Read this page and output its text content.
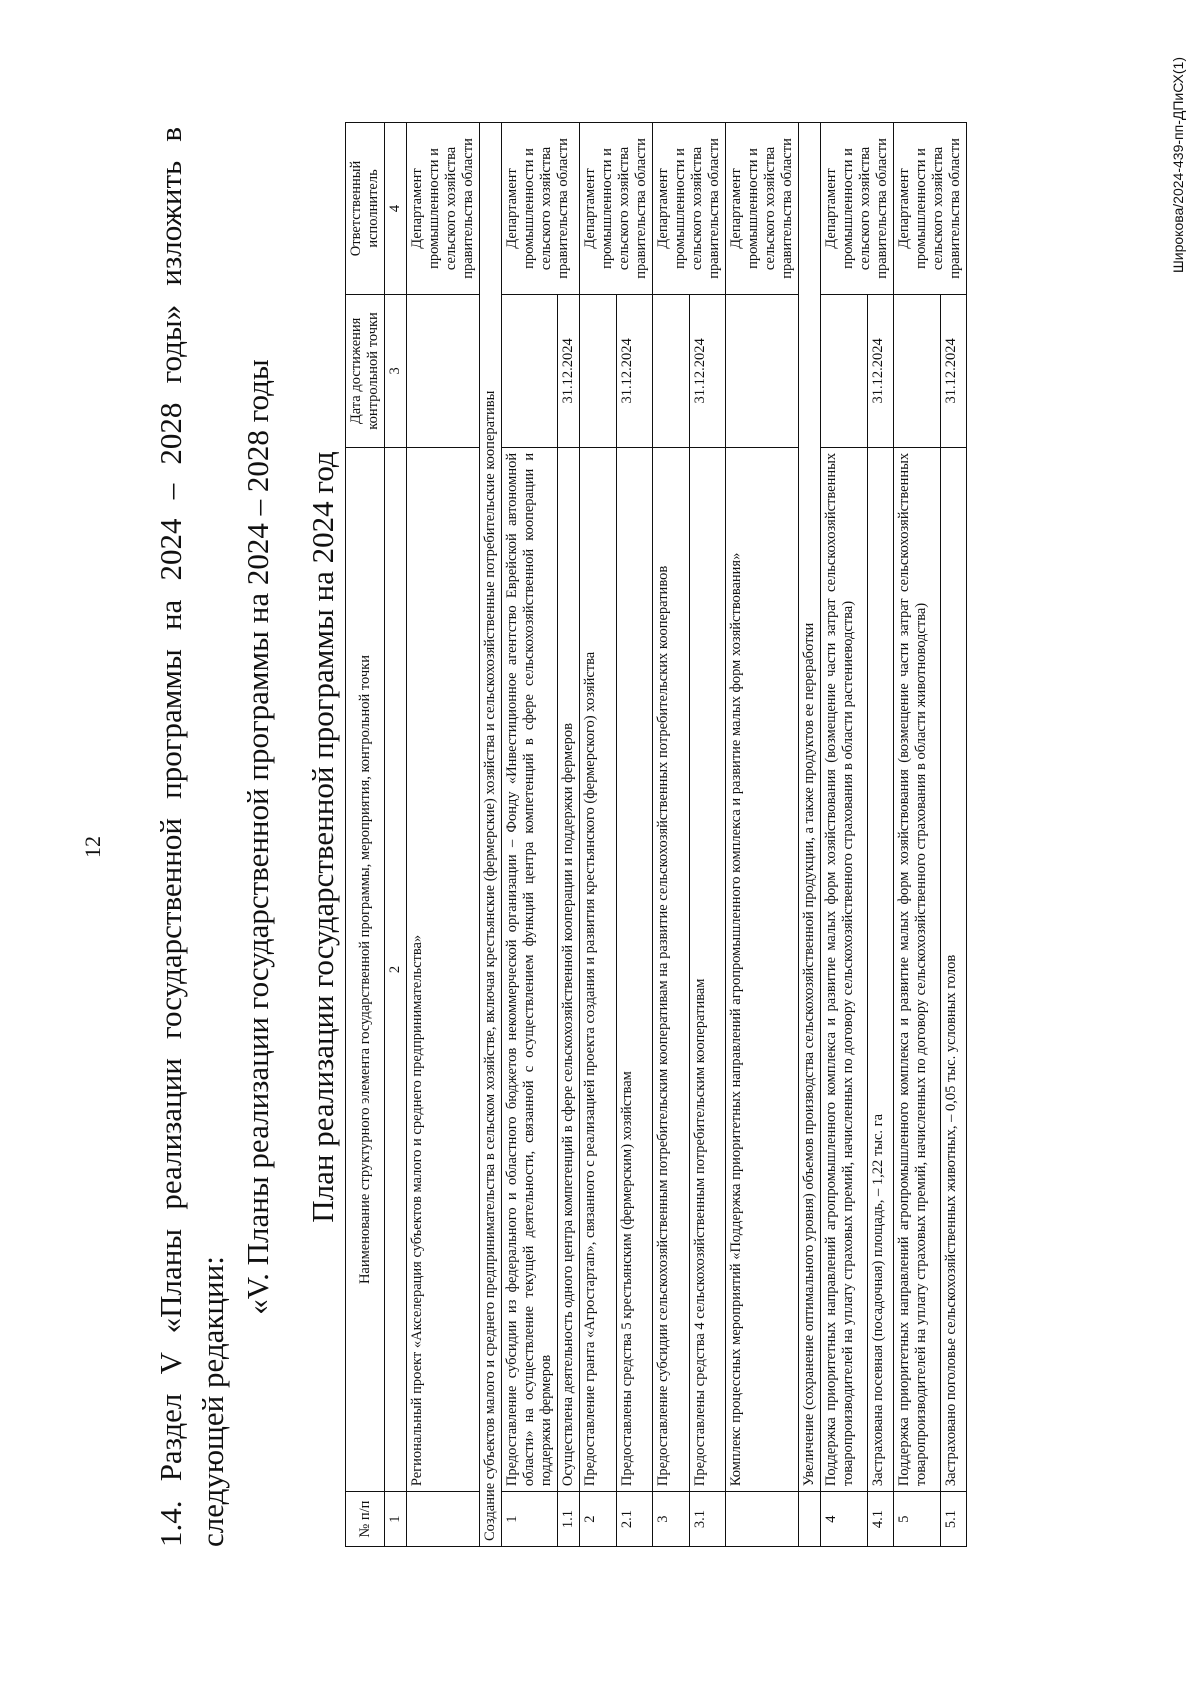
12 1.4. Раздел V «Планы реализации государственной программы на 2024 – 2028 годы» изложить в следующей редакции:
«V. Планы реализации государственной программы на 2024 – 2028 годы План реализации государственной программы на 2024 год
№ п/п	Наименование структурного элемента государственной программы, мероприятия, контрольной точки	Дата достижения контрольной точки	Ответственный исполнитель
1	2	3	4
	Региональный проект «Акселерация субъектов малого и среднего предпринимательства»		Департамент промышленности и сельского хозяйства правительства области
Создание субъектов малого и среднего предпринимательства в сельском хозяйстве, включая крестьянские (фермерские) хозяйства и сельскохозяйственные потребительские кооперативы			
1	Предоставление субсидии из федерального и областного бюджетов некоммерческой организации – Фонду «Инвестиционное агентство Еврейской автономной области» на осуществление текущей деятельности, связанной с осуществлением функций центра компетенций в сфере сельскохозяйственной кооперации и поддержки фермеров		Департамент промышленности и сельского хозяйства правительства области
1.1	Осуществлена деятельность одного центра компетенций в сфере сельскохозяйственной кооперации и поддержки фермеров	31.12.2024	
2	Предоставление гранта «Агростартап», связанного с реализацией проекта создания и развития крестьянского (фермерского) хозяйства		Департамент промышленности и сельского хозяйства правительства области
2.1	Предоставлены средства 5 крестьянским (фермерским) хозяйствам	31.12.2024	
3	Предоставление субсидии сельскохозяйственным потребительским кооперативам на развитие сельскохозяйственных потребительских кооперативов		Департамент промышленности и сельского хозяйства правительства области
3.1	Предоставлены средства 4 сельскохозяйственным потребительским кооперативам	31.12.2024	
	Комплекс процессных мероприятий «Поддержка приоритетных направлений агропромышленного комплекса и развитие малых форм хозяйствования»		Департамент промышленности и сельского хозяйства правительства области
	Увеличение (сохранение оптимального уровня) объемов производства сельскохозяйственной продукции, а также продуктов ее переработки		
4	Поддержка приоритетных направлений агропромышленного комплекса и развитие малых форм хозяйствования (возмещение части затрат сельскохозяйственных товаропроизводителей на уплату страховых премий, начисленных по договору сельскохозяйственного страхования в области растениеводства)		Департамент промышленности и сельского хозяйства правительства области
4.1	Застрахована посевная (посадочная) площадь, – 1,22 тыс. га	31.12.2024	
5	Поддержка приоритетных направлений агропромышленного комплекса и развитие малых форм хозяйствования (возмещение части затрат сельскохозяйственных товаропроизводителей на уплату страховых премий, начисленных по договору сельскохозяйственного страхования в области животноводства)		Департамент промышленности и сельского хозяйства правительства области
5.1	Застраховано поголовье сельскохозяйственных животных, – 0,05 тыс. условных голов	31.12.2024	
Широкова/2024-439-пп-ДПиСХ(1)
